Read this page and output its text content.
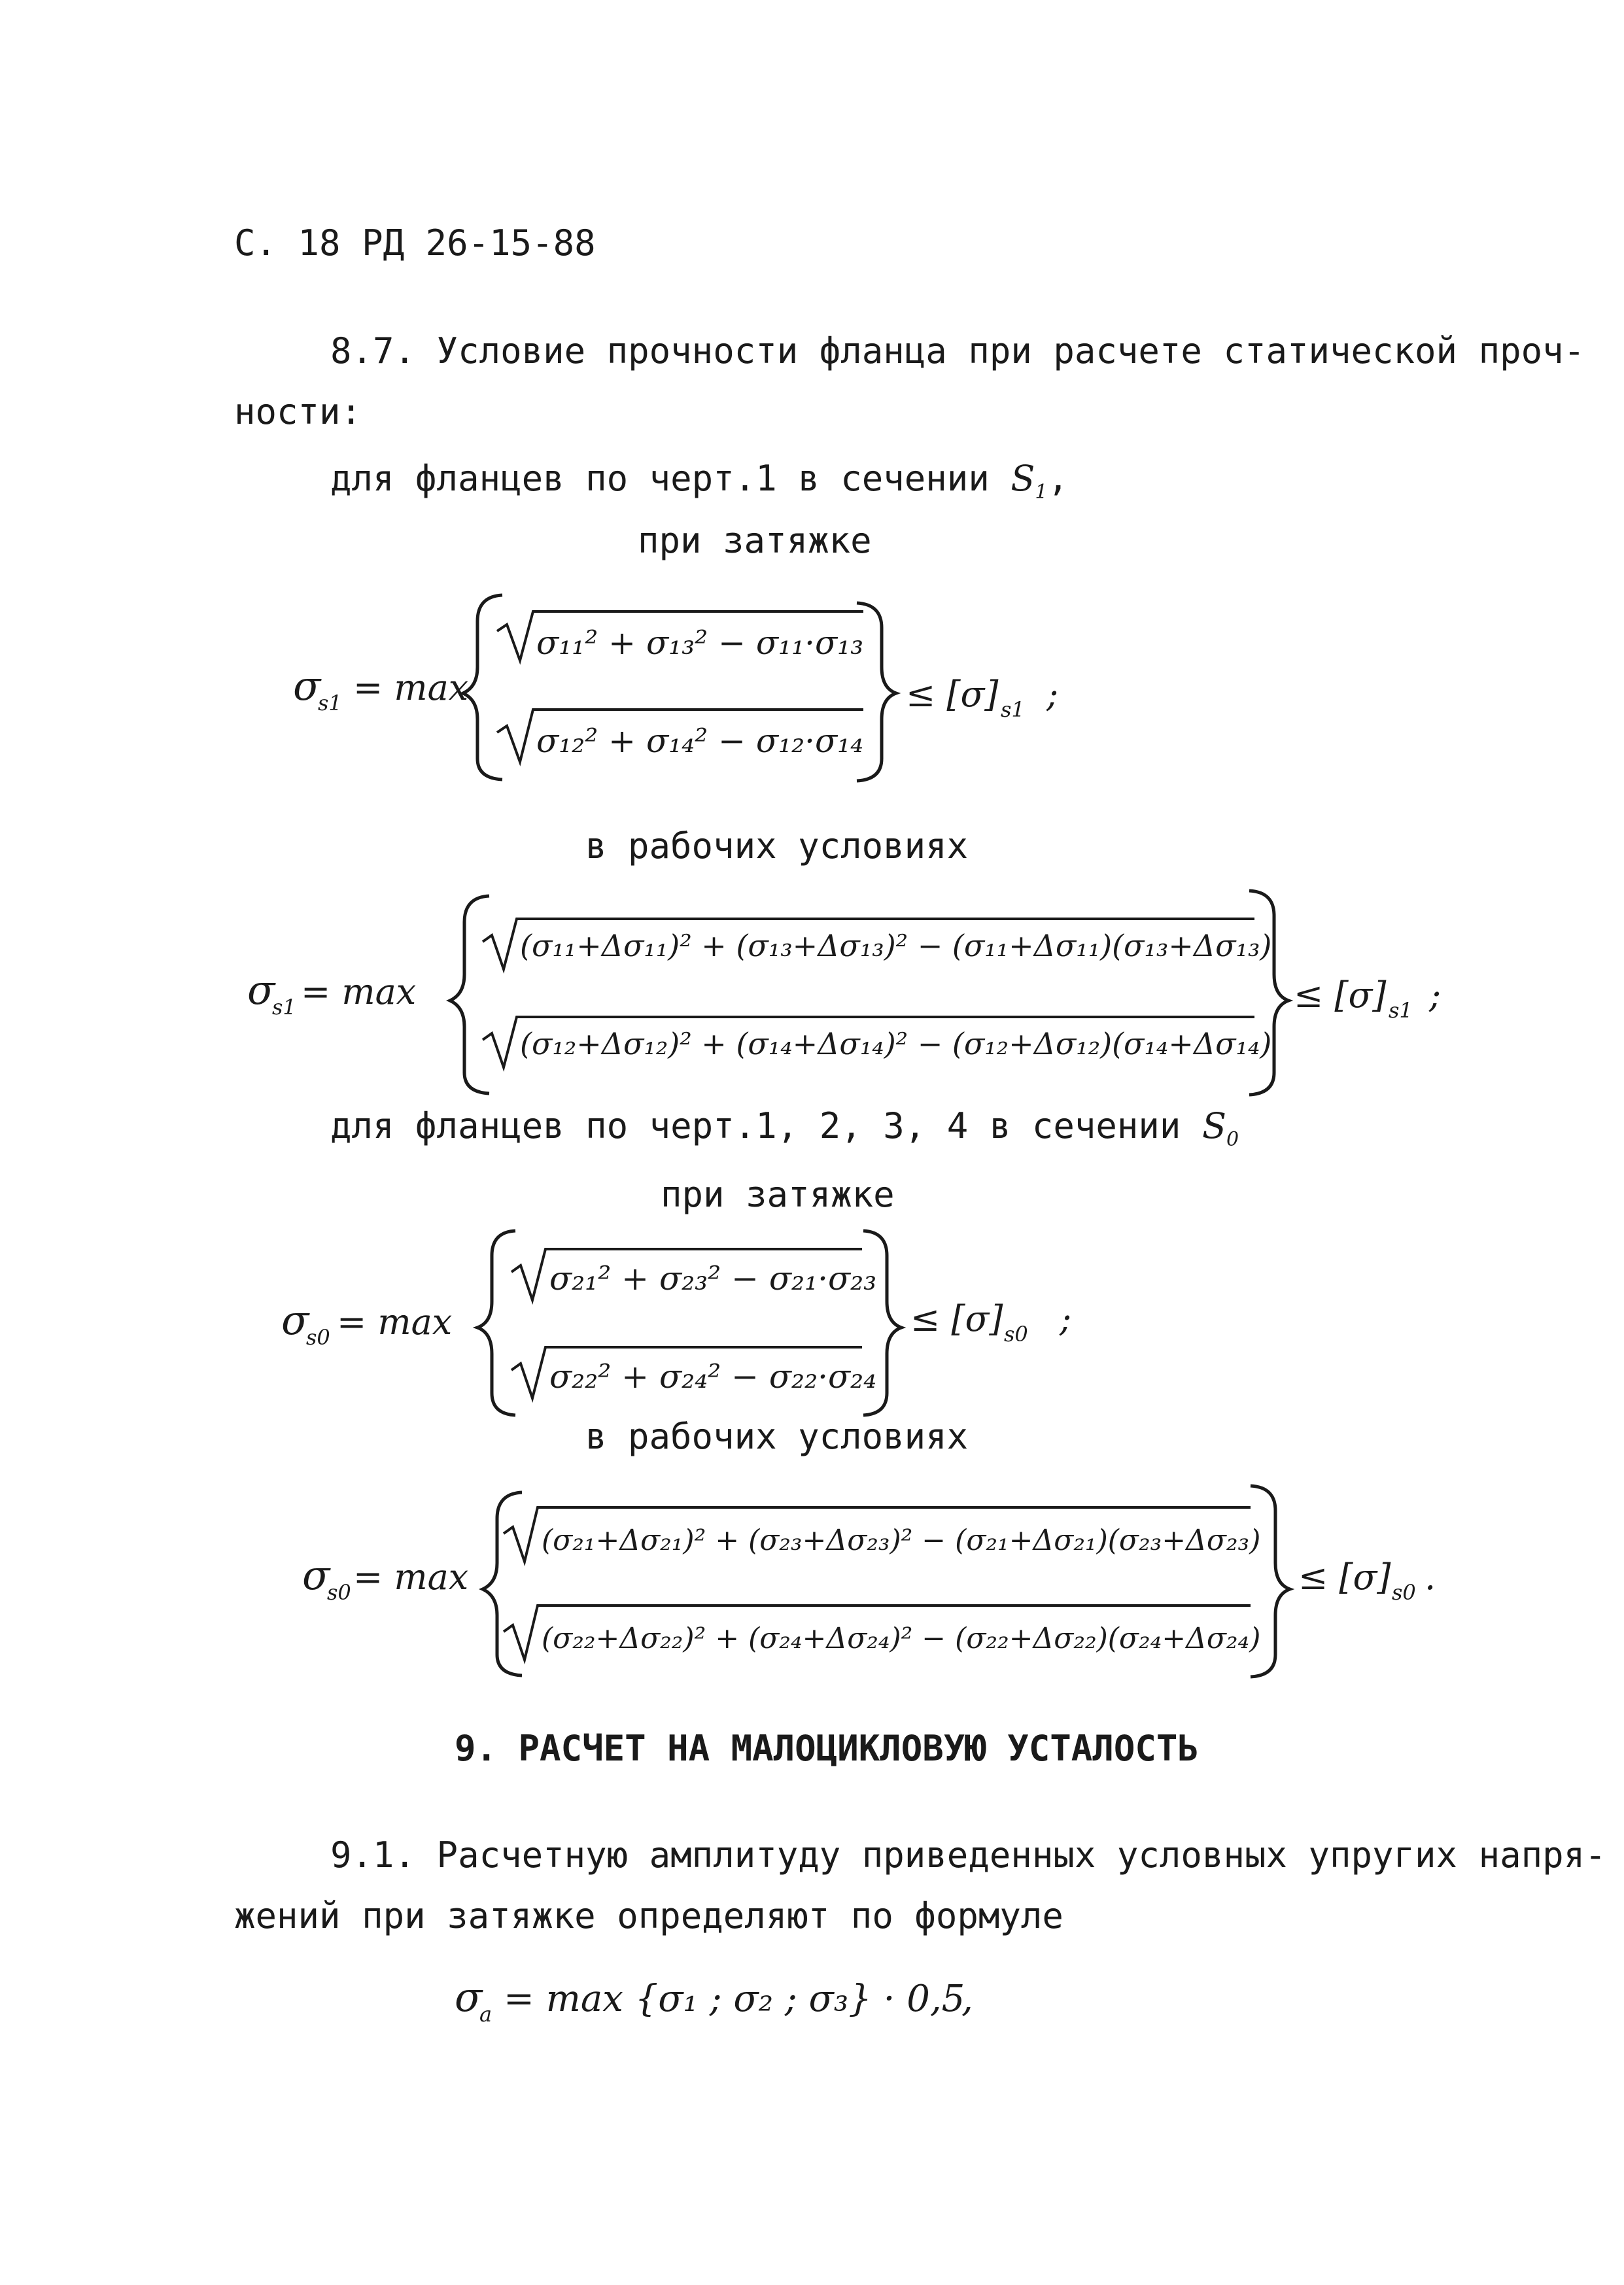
С. 18 РД 26-15-88
8.7. Условие прочности фланца при расчете статической проч-
ности:
для фланцев по черт.1 в сечении $S_1$,
при затяжке
σ
s1 = max
σ₁₁² + σ₁₃² − σ₁₁·σ₁₃
σ₁₂² + σ₁₄² − σ₁₂·σ₁₄
≤ [σ] s1 ;
в рабочих условиях
σ
s1 = max
(σ₁₁+Δσ₁₁)² + (σ₁₃+Δσ₁₃)² − (σ₁₁+Δσ₁₁)(σ₁₃+Δσ₁₃)
(σ₁₂+Δσ₁₂)² + (σ₁₄+Δσ₁₄)² − (σ₁₂+Δσ₁₂)(σ₁₄+Δσ₁₄)
≤ [σ] s1 ;
для фланцев по черт.1, 2, 3, 4 в сечении $S_0$
при затяжке
σ
s0 = max
σ₂₁² + σ₂₃² − σ₂₁·σ₂₃
σ₂₂² + σ₂₄² − σ₂₂·σ₂₄
≤ [σ] s0 ;
в рабочих условиях
σ
s0 = max
(σ₂₁+Δσ₂₁)² + (σ₂₃+Δσ₂₃)² − (σ₂₁+Δσ₂₁)(σ₂₃+Δσ₂₃)
(σ₂₂+Δσ₂₂)² + (σ₂₄+Δσ₂₄)² − (σ₂₂+Δσ₂₂)(σ₂₄+Δσ₂₄)
≤ [σ] s0 .
9. РАСЧЕТ НА МАЛОЦИКЛОВУЮ УСТАЛОСТЬ
9.1. Расчетную амплитуду приведенных условных упругих напря-
жений при затяжке определяют по формуле
σ
a = max {σ₁ ; σ₂ ; σ₃} · 0,5
,
